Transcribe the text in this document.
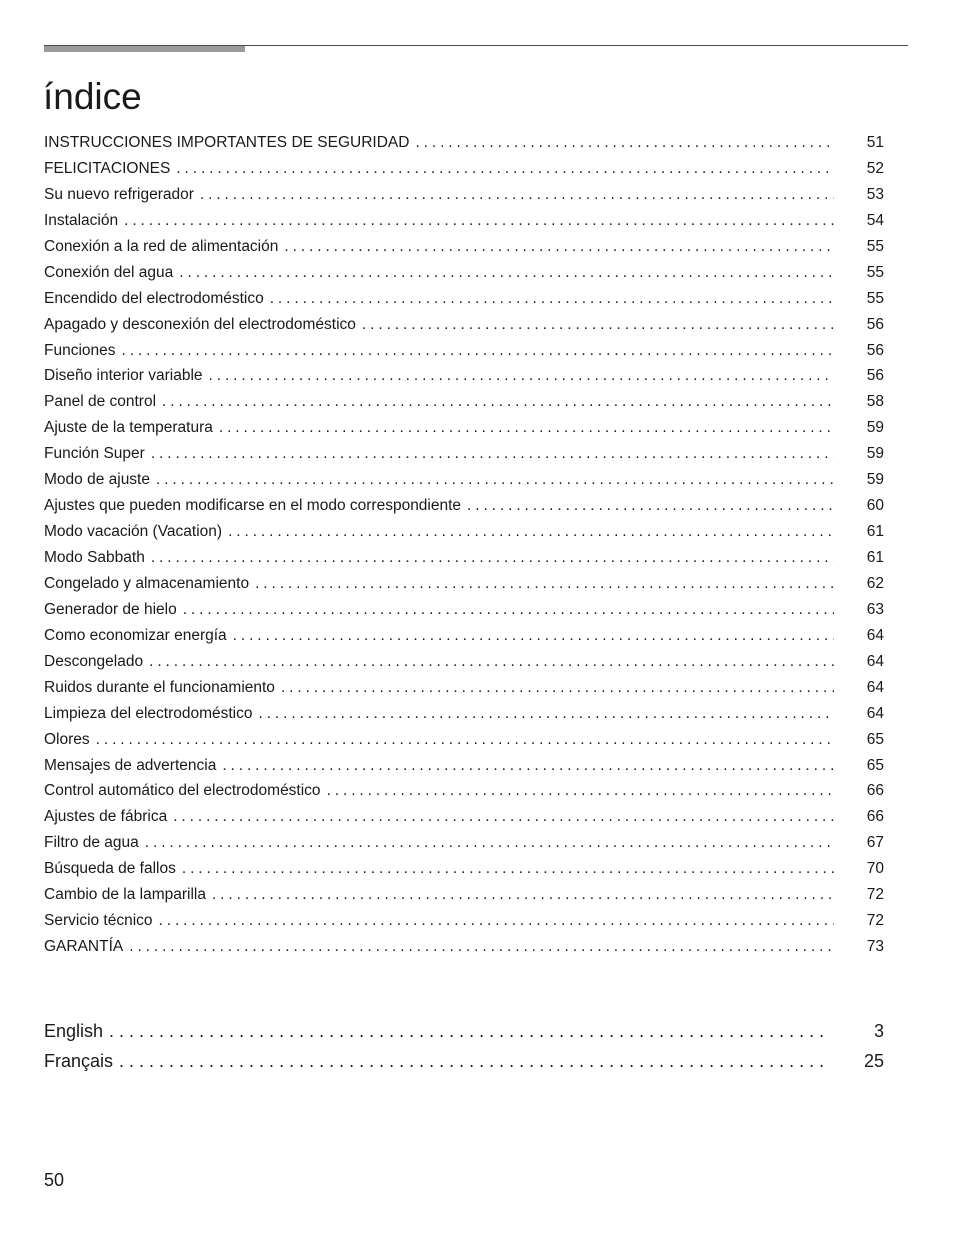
índice
INSTRUCCIONES IMPORTANTES DE SEGURIDAD . . .	51
FELICITACIONES . . .	52
Su nuevo refrigerador . . .	53
Instalación . . .	54
Conexión a la red de alimentación . . .	55
Conexión del agua . . .	55
Encendido del electrodoméstico . . .	55
Apagado y desconexión del electrodoméstico . . .	56
Funciones . . .	56
Diseño interior variable . . .	56
Panel de control . . .	58
Ajuste de la temperatura . . .	59
Función Super . . .	59
Modo de ajuste . . .	59
Ajustes que pueden modificarse en el modo correspondiente . . .	60
Modo vacación (Vacation) . . .	61
Modo Sabbath . . .	61
Congelado y almacenamiento . . .	62
Generador de hielo . . .	63
Como economizar energía . . .	64
Descongelado . . .	64
Ruidos durante el funcionamiento . . .	64
Limpieza del electrodoméstico . . .	64
Olores . . .	65
Mensajes de advertencia . . .	65
Control automático del electrodoméstico . . .	66
Ajustes de fábrica . . .	66
Filtro de agua . . .	67
Búsqueda de fallos . . .	70
Cambio de la lamparilla . . .	72
Servicio técnico . . .	72
GARANTÍA . . .	73
English . . .	3
Français . . .	25
50
